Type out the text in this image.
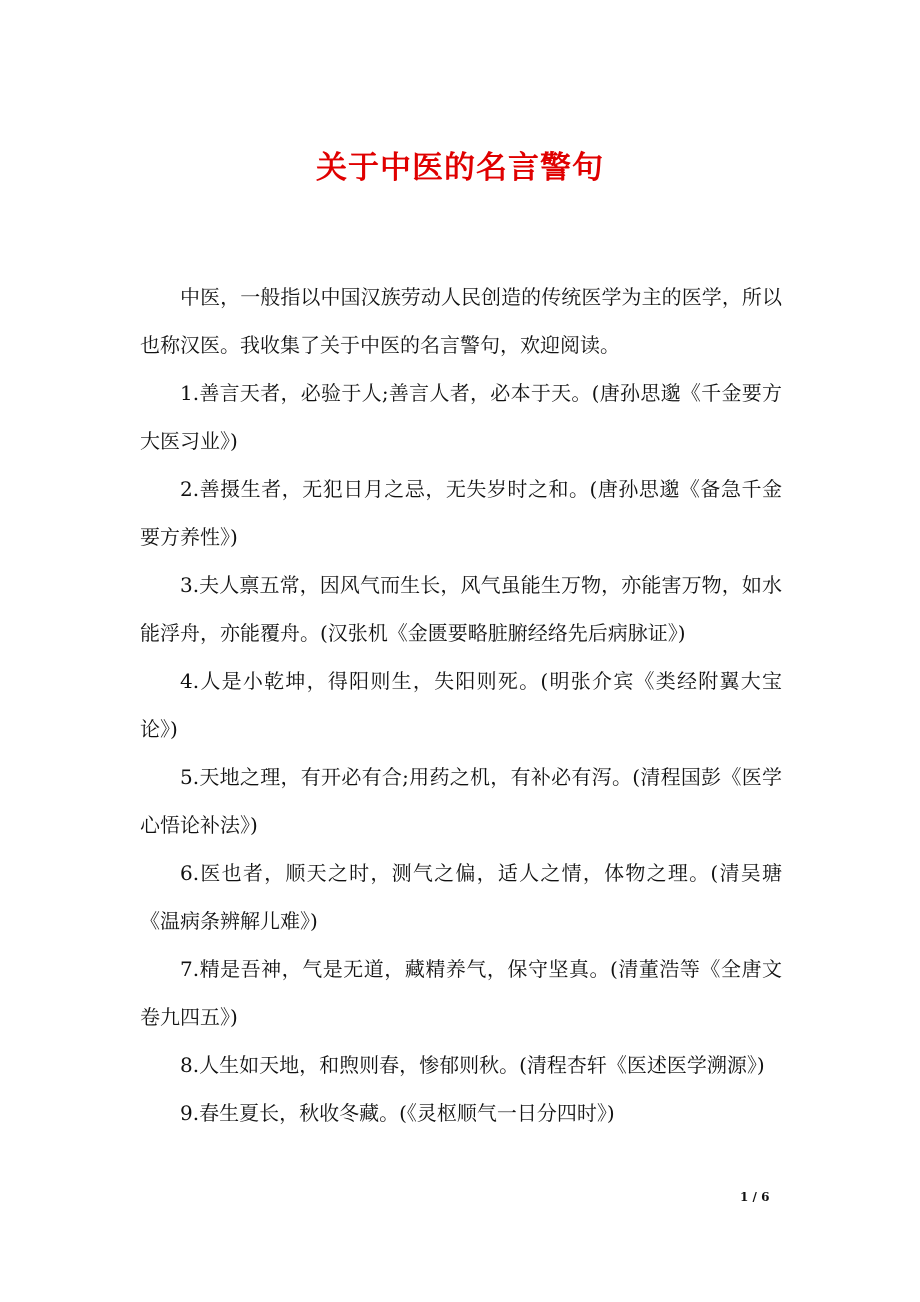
关于中医的名言警句

中医，一般指以中国汉族劳动人民创造的传统医学为主的医学，所以也称汉医。我收集了关于中医的名言警句，欢迎阅读。

1.善言天者，必验于人;善言人者，必本于天。(唐孙思邈《千金要方大医习业》)

2.善摄生者，无犯日月之忌，无失岁时之和。(唐孙思邈《备急千金要方养性》)

3.夫人禀五常，因风气而生长，风气虽能生万物，亦能害万物，如水能浮舟，亦能覆舟。(汉张机《金匮要略脏腑经络先后病脉证》)

4.人是小乾坤，得阳则生，失阳则死。(明张介宾《类经附翼大宝论》)

5.天地之理，有开必有合;用药之机，有补必有泻。(清程国彭《医学心悟论补法》)

6.医也者，顺天之时，测气之偏，适人之情，体物之理。(清吴瑭《温病条辨解儿难》)

7.精是吾神，气是无道，藏精养气，保守坚真。(清董浩等《全唐文卷九四五》)

8.人生如天地，和煦则春，惨郁则秋。(清程杏轩《医述医学溯源》)

9.春生夏长，秋收冬藏。(《灵枢顺气一日分四时》)

1 / 6
